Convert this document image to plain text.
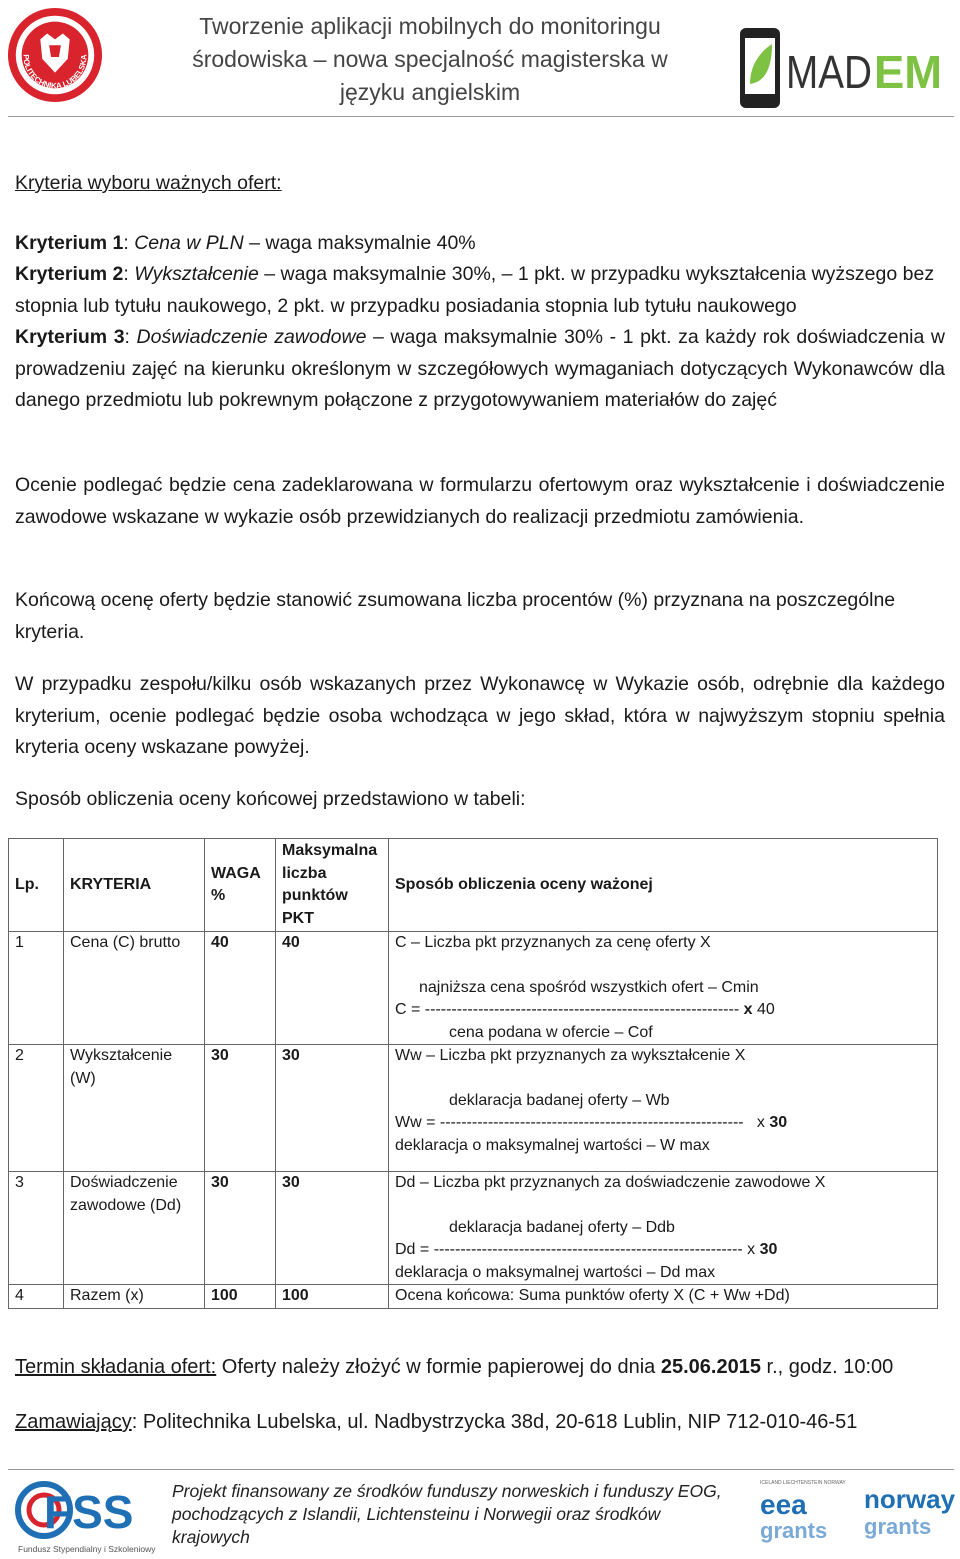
POLITECHNIKA LUBELSKA
Tworzenie aplikacji mobilnych do monitoringu
środowiska – nowa specjalność magisterska w
języku angielskim	MAD EM
Kryteria wyboru ważnych ofert:
Kryterium 1: Cena w PLN – waga maksymalnie 40%
Kryterium 2: Wykształcenie – waga maksymalnie 30%, – 1 pkt. w przypadku wykształcenia wyższego bez stopnia lub tytułu naukowego, 2 pkt. w przypadku posiadania stopnia lub tytułu naukowego
Kryterium 3: Doświadczenie zawodowe – waga maksymalnie 30% - 1 pkt. za każdy rok doświadczenia w prowadzeniu zajęć na kierunku określonym w szczegółowych wymaganiach dotyczących Wykonawców dla danego przedmiotu lub pokrewnym połączone z przygotowywaniem materiałów do zajęć
Ocenie podlegać będzie cena zadeklarowana w formularzu ofertowym oraz wykształcenie i doświadczenie zawodowe wskazane w wykazie osób przewidzianych do realizacji przedmiotu zamówienia.
Końcową ocenę oferty będzie stanowić zsumowana liczba procentów (%) przyznana na poszczególne kryteria.
W przypadku zespołu/kilku osób wskazanych przez Wykonawcę w Wykazie osób, odrębnie dla każdego kryterium, ocenie podlegać będzie osoba wchodząca w jego skład, która w najwyższym stopniu spełnia kryteria oceny wskazane powyżej.
Sposób obliczenia oceny końcowej przedstawiono w tabeli:
Lp.	KRYTERIA	WAGA %	Maksymalna liczba punktów PKT	Sposób obliczenia oceny ważonej
1	Cena (C) brutto	40	40	C – Liczba pkt przyznanych za cenę oferty X
najniższa cena spośród wszystkich ofert – Cmin
C = ----------------------------------------------------------- x 40
cena podana w ofercie – Cof

2	Wykształcenie (W)	30	30	Ww – Liczba pkt przyznanych za wykształcenie X
deklaracja badanej oferty – Wb
Ww = ---------------------------------------------------------   x 30
deklaracja o maksymalnej wartości – W max

3	Doświadczenie zawodowe (Dd)	30	30	Dd – Liczba pkt przyznanych za doświadczenie zawodowe X
deklaracja badanej oferty – Ddb
Dd = ---------------------------------------------------------- x 30
deklaracja o maksymalnej wartości – Dd max

4	Razem (x)	100	100	Ocena końcowa: Suma punktów oferty X (C + Ww +Dd)
Termin składania ofert: Oferty należy złożyć w formie papierowej do dnia 25.06.2015 r., godz. 10:00
Zamawiający: Politechnika Lubelska, ul. Nadbystrzycka 38d, 20-618 Lublin, NIP 712-010-46-51
FSS
Fundusz Stypendialny i Szkoleniowy
Projekt finansowany ze środków funduszy norweskich i funduszy EOG, pochodzących z Islandii, Lichtensteinu i Norwegii oraz środków krajowych
ICELAND LIECHTENSTEIN NORWAY
eea
grants
norway
grants
